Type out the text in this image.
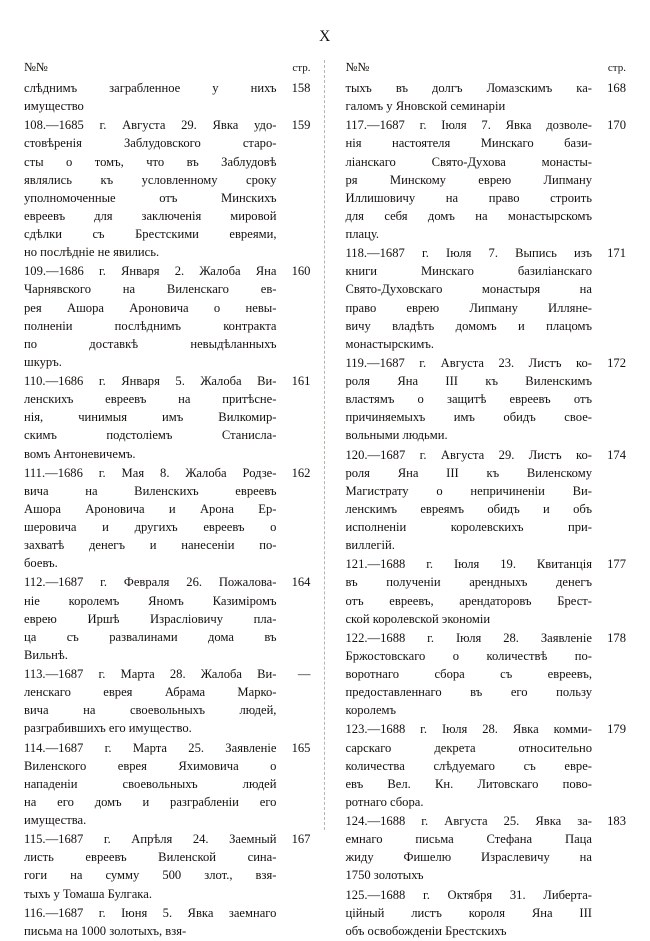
X
№№	стр.
слѣднимъ заграбленное у нихъ
имущество
158
108.—1685 г. Августа 29. Явка удо-
стовѣренія Заблудовского старо-
сты о томъ, что въ Заблудовѣ
являлись къ условленному сроку
уполномоченные отъ Минскихъ
евреевъ для заключенія мировой
сдѣлки съ Брестскими евреями,
но послѣдніе не явились.
159
109.—1686 г. Января 2. Жалоба Яна
Чарнявского на Виленскаго ев-
рея Ашора Ароновича о невы-
полненіи послѣднимъ контракта
по доставкѣ невыдѣланныхъ
шкуръ.
160
110.—1686 г. Января 5. Жалоба Ви-
ленскихъ евреевъ на притѣсне-
нія, чинимыя имъ Вилкомир-
скимъ подстоліемъ Станисла-
вомъ Антоневичемъ.
161
111.—1686 г. Мая 8. Жалоба Родзе-
вича на Виленскихъ евреевъ
Ашора Ароновича и Арона Ер-
шеровича и другихъ евреевъ о
захватѣ денегъ и нанесеніи по-
боевъ.
162
112.—1687 г. Февраля 26. Пожалова-
ніе королемъ Яномъ Казиміромъ
еврею Иршѣ Израсліовичу пла-
ца съ развалинами дома въ
Вильнѣ.
164
113.—1687 г. Марта 28. Жалоба Ви-
ленскаго еврея Абрама Марко-
вича на своевольныхъ людей,
разграбившихъ его имущество.
—
114.—1687 г. Марта 25. Заявленіе
Виленского еврея Яхимовича о
нападеніи своевольныхъ людей
на его домъ и разграбленіи его
имущества.
165
115.—1687 г. Апрѣля 24. Заемный
листь евреевъ Виленской сина-
гоги на сумму 500 злот., взя-
тыхъ у Томаша Булгака.
167
116.—1687 г. Іюня 5. Явка заемнаго
письма на 1000 золотыхъ, взя-
№№	стр.
тыхъ въ долгъ Ломазскимъ ка-
галомъ у Яновской семинаріи
168
117.—1687 г. Іюля 7. Явка дозволе-
нія настоятеля Минскаго бази-
ліанскаго Свято-Духова монасты-
ря Минскому еврею Липману
Иллишовичу на право строить
для себя домъ на монастырскомъ
плацу.
170
118.—1687 г. Іюля 7. Выпись изъ
книги Минскаго базиліанскаго
Свято-Духовскаго монастыря на
право еврею Липману Илляне-
вичу владѣть домомъ и плацомъ
монастырскимъ.
171
119.—1687 г. Августа 23. Листъ ко-
роля Яна III къ Виленскимъ
властямъ о защитѣ евреевъ отъ
причиняемыхъ имъ обидъ свое-
вольными людьми.
172
120.—1687 г. Августа 29. Листъ ко-
роля Яна III къ Виленскому
Магистрату о непричиненіи Ви-
ленскимъ евреямъ обидъ и объ
исполненіи королевскихъ при-
виллегій.
174
121.—1688 г. Іюля 19. Квитанція
въ полученіи арендныхъ денегъ
отъ евреевъ, арендаторовъ Брест-
ской королевской экономіи
177
122.—1688 г. Іюля 28. Заявленіе
Бржостовскаго о количествѣ по-
воротнаго сбора съ евреевъ,
предоставленнаго въ его пользу
королемъ
178
123.—1688 г. Іюля 28. Явка комми-
сарскаго декрета относительно
количества слѣдуемаго съ евре-
евъ Вел. Кн. Литовскаго пово-
ротнаго сбора.
179
124.—1688 г. Августа 25. Явка за-
емнаго письма Стефана Паца
жиду Фишелю Израслевичу на
1750 золотыхъ
183
125.—1688 г. Октября 31. Либерта-
ційный листъ короля Яна III
объ освобожденіи Брестскихъ
